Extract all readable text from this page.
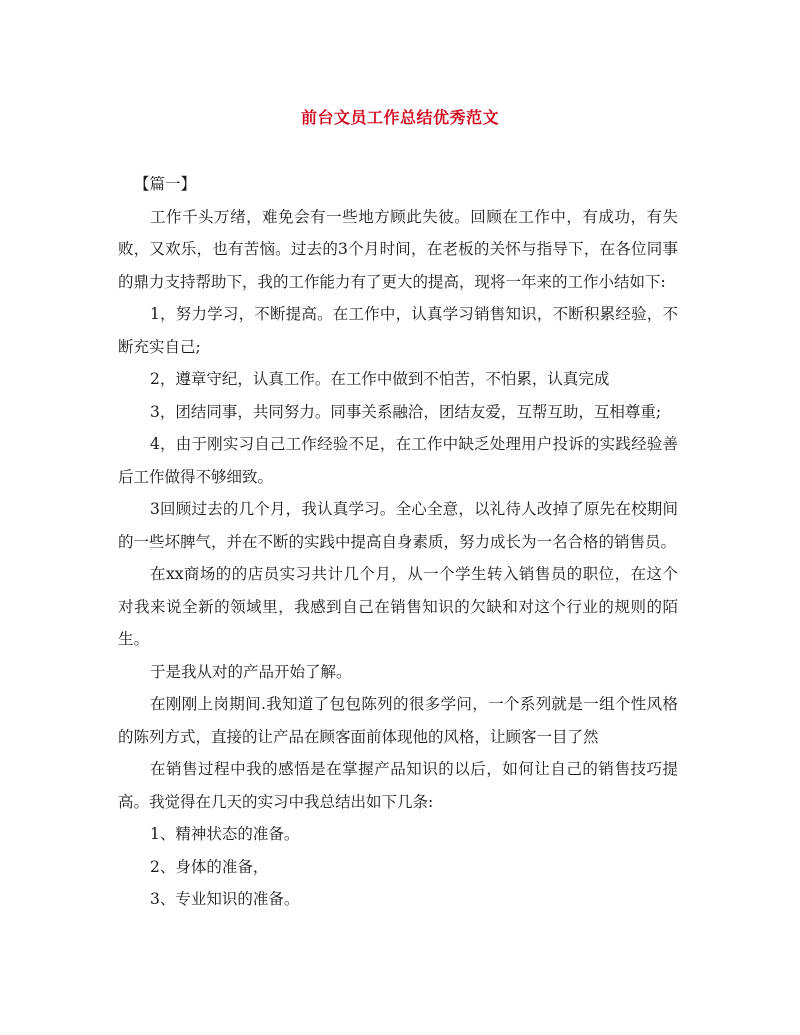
前台文员工作总结优秀范文

【篇一】

工作千头万绪，难免会有一些地方顾此失彼。回顾在工作中，有成功，有失败，又欢乐，也有苦恼。过去的3个月时间，在老板的关怀与指导下，在各位同事的鼎力支持帮助下，我的工作能力有了更大的提高，现将一年来的工作小结如下:

1，努力学习，不断提高。在工作中，认真学习销售知识，不断积累经验，不断充实自己;

2，遵章守纪，认真工作。在工作中做到不怕苦，不怕累，认真完成

3，团结同事，共同努力。同事关系融洽，团结友爱，互帮互助，互相尊重;

4，由于刚实习自己工作经验不足，在工作中缺乏处理用户投诉的实践经验善后工作做得不够细致。

3回顾过去的几个月，我认真学习。全心全意，以礼待人改掉了原先在校期间的一些坏脾气，并在不断的实践中提高自身素质，努力成长为一名合格的销售员。

在xx商场的的店员实习共计几个月，从一个学生转入销售员的职位，在这个对我来说全新的领域里，我感到自己在销售知识的欠缺和对这个行业的规则的陌生。

于是我从对的产品开始了解。

在刚刚上岗期间.我知道了包包陈列的很多学问，一个系列就是一组个性风格的陈列方式，直接的让产品在顾客面前体现他的风格，让顾客一目了然

在销售过程中我的感悟是在掌握产品知识的以后，如何让自己的销售技巧提高。我觉得在几天的实习中我总结出如下几条:

1、精神状态的准备。

2、身体的准备，

3、专业知识的准备。
